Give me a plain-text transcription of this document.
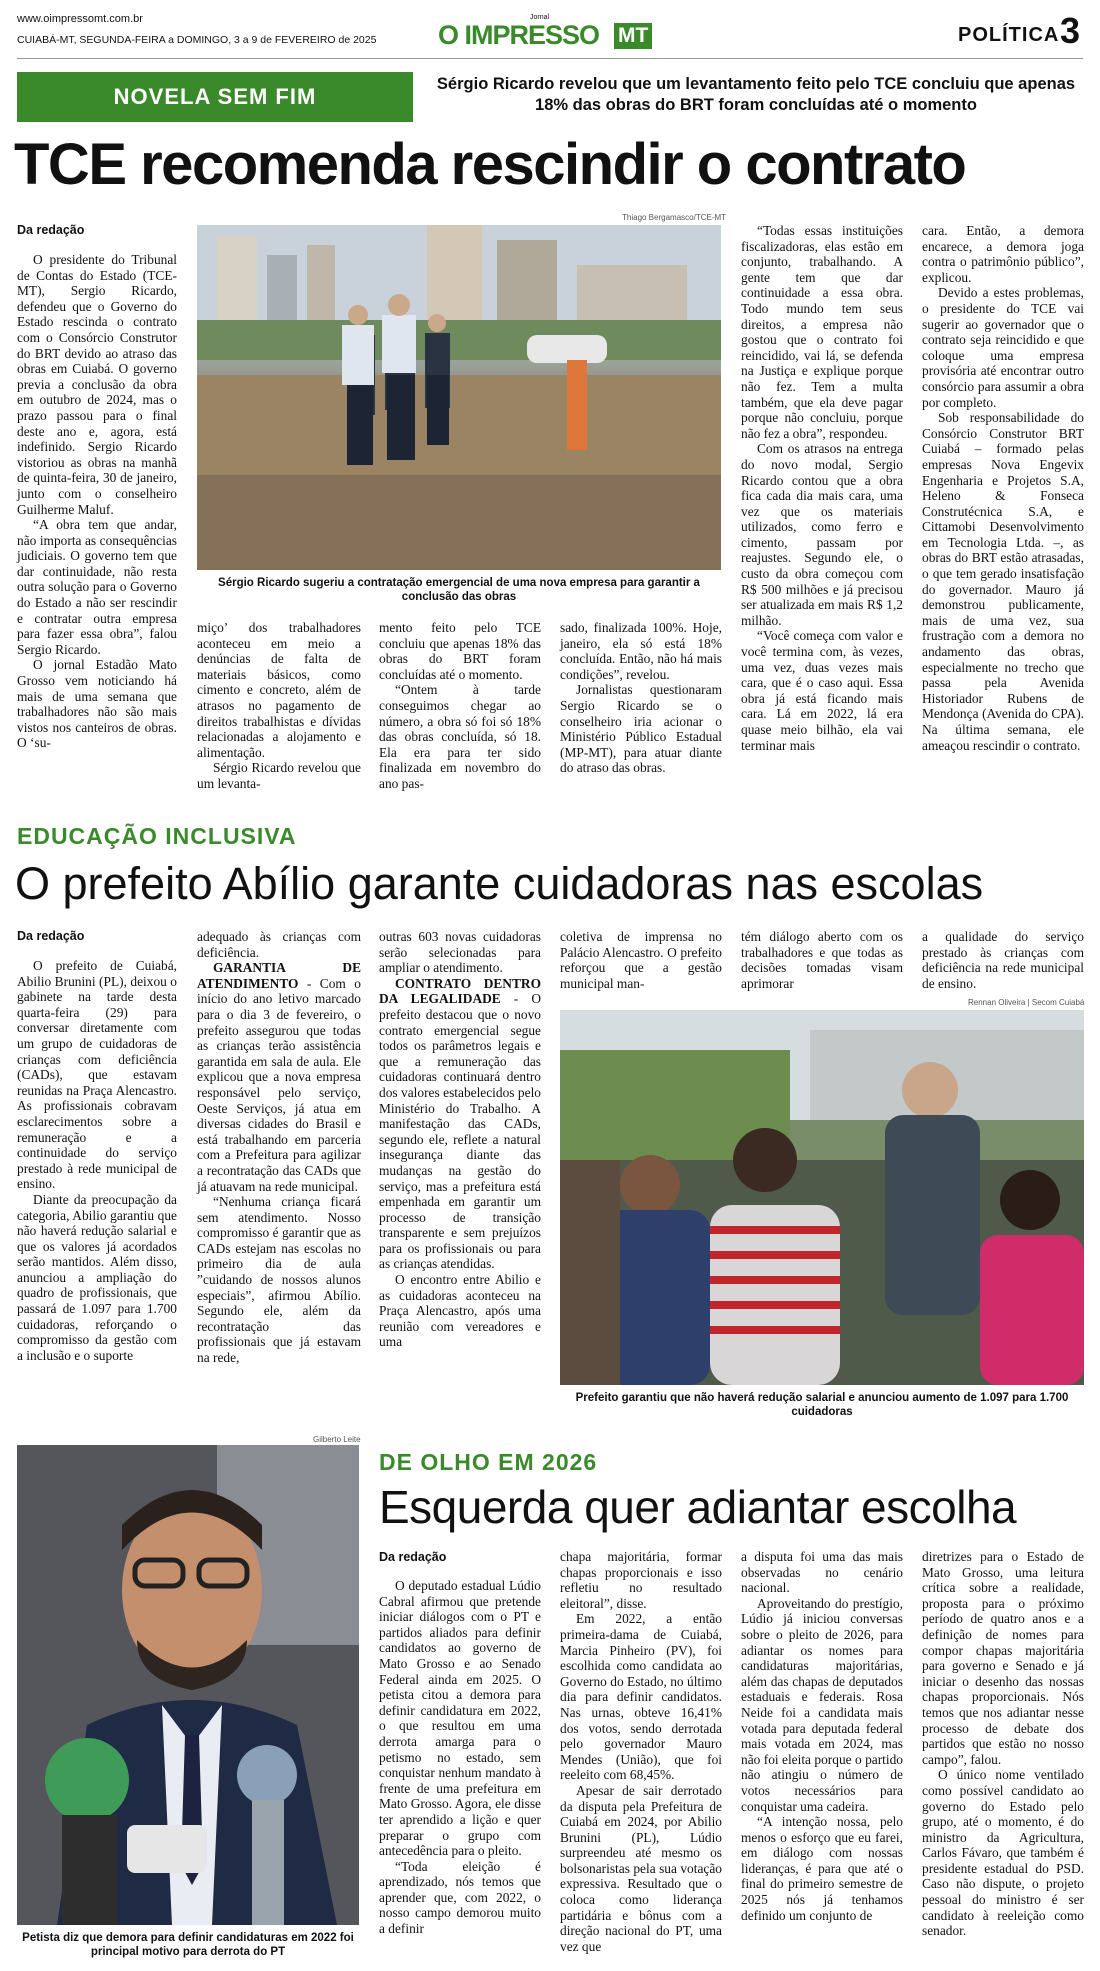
www.oimpressomt.com.br
CUIABÁ-MT, SEGUNDA-FEIRA a DOMINGO, 3 a 9 de FEVEREIRO de 2025
Jornal
O IMPRESSO MT	POLÍTICA 3
NOVELA SEM FIM	Sérgio Ricardo revelou que um levantamento feito pelo TCE concluiu que apenas 18% das obras do BRT foram concluídas até o momento
TCE recomenda rescindir o contrato
Da redação

O presidente do Tribunal de Contas do Estado (TCE-MT), Sergio Ricardo, defendeu que o Governo do Estado rescinda o contrato com o Consórcio Construtor do BRT devido ao atraso das obras em Cuiabá. O governo previa a conclusão da obra em outubro de 2024, mas o prazo passou para o final deste ano e, agora, está indefinido. Sergio Ricardo vistoriou as obras na manhã de quinta-feira, 30 de janeiro, junto com o conselheiro Guilherme Maluf.

“A obra tem que andar, não importa as consequências judiciais. O governo tem que dar continuidade, não resta outra solução para o Governo do Estado a não ser rescindir e contratar outra empresa para fazer essa obra”, falou Sergio Ricardo.

O jornal Estadão Mato Grosso vem noticiando há mais de uma semana que trabalhadores não são mais vistos nos canteiros de obras. O ‘su-

Thiago Bergamasco/TCE-MT
Sérgio Ricardo sugeriu a contratação emergencial de uma nova empresa para garantir a conclusão das obras

miço’ dos trabalhadores aconteceu em meio a denúncias de falta de materiais básicos, como cimento e concreto, além de atrasos no pagamento de direitos trabalhistas e dívidas relacionadas a alojamento e alimentação.

Sérgio Ricardo revelou que um levanta-

mento feito pelo TCE concluiu que apenas 18% das obras do BRT foram concluídas até o momento.

“Ontem à tarde conseguimos chegar ao número, a obra só foi só 18% das obras concluída, só 18. Ela era para ter sido finalizada em novembro do ano pas-

sado, finalizada 100%. Hoje, janeiro, ela só está 18% concluída. Então, não há mais condições”, revelou.

Jornalistas questionaram Sergio Ricardo se o conselheiro iria acionar o Ministério Público Estadual (MP-MT), para atuar diante do atraso das obras.

“Todas essas instituições fiscalizadoras, elas estão em conjunto, trabalhando. A gente tem que dar continuidade a essa obra. Todo mundo tem seus direitos, a empresa não gostou que o contrato foi reincidido, vai lá, se defenda na Justiça e explique porque não fez. Tem a multa também, que ela deve pagar porque não concluiu, porque não fez a obra”, respondeu.

Com os atrasos na entrega do novo modal, Sergio Ricardo contou que a obra fica cada dia mais cara, uma vez que os materiais utilizados, como ferro e cimento, passam por reajustes. Segundo ele, o custo da obra começou com R$ 500 milhões e já precisou ser atualizada em mais R$ 1,2 milhão.

“Você começa com valor e você termina com, às vezes, uma vez, duas vezes mais cara, que é o caso aqui. Essa obra já está ficando mais cara. Lá em 2022, lá era quase meio bilhão, ela vai terminar mais

cara. Então, a demora encarece, a demora joga contra o patrimônio público”, explicou.

Devido a estes problemas, o presidente do TCE vai sugerir ao governador que o contrato seja reincidido e que coloque uma empresa provisória até encontrar outro consórcio para assumir a obra por completo.

Sob responsabilidade do Consórcio Construtor BRT Cuiabá – formado pelas empresas Nova Engevix Engenharia e Projetos S.A, Heleno & Fonseca Construtécnica S.A, e Cittamobi Desenvolvimento em Tecnologia Ltda. –, as obras do BRT estão atrasadas, o que tem gerado insatisfação do governador. Mauro já demonstrou publicamente, mais de uma vez, sua frustração com a demora no andamento das obras, especialmente no trecho que passa pela Avenida Historiador Rubens de Mendonça (Avenida do CPA). Na última semana, ele ameaçou rescindir o contrato.

EDUCAÇÃO INCLUSIVA
O prefeito Abílio garante cuidadoras nas escolas
Da redação

O prefeito de Cuiabá, Abilio Brunini (PL), deixou o gabinete na tarde desta quarta-feira (29) para conversar diretamente com um grupo de cuidadoras de crianças com deficiência (CADs), que estavam reunidas na Praça Alencastro. As profissionais cobravam esclarecimentos sobre a remuneração e a continuidade do serviço prestado à rede municipal de ensino.

Diante da preocupação da categoria, Abilio garantiu que não haverá redução salarial e que os valores já acordados serão mantidos. Além disso, anunciou a ampliação do quadro de profissionais, que passará de 1.097 para 1.700 cuidadoras, reforçando o compromisso da gestão com a inclusão e o suporte

adequado às crianças com deficiência.

GARANTIA DE ATENDIMENTO - Com o início do ano letivo marcado para o dia 3 de fevereiro, o prefeito assegurou que todas as crianças terão assistência garantida em sala de aula. Ele explicou que a nova empresa responsável pelo serviço, Oeste Serviços, já atua em diversas cidades do Brasil e está trabalhando em parceria com a Prefeitura para agilizar a recontratação das CADs que já atuavam na rede municipal.

“Nenhuma criança ficará sem atendimento. Nosso compromisso é garantir que as CADs estejam nas escolas no primeiro dia de aula ”cuidando de nossos alunos especiais”, afirmou Abílio. Segundo ele, além da recontratação das profissionais que já estavam na rede,

outras 603 novas cuidadoras serão selecionadas para ampliar o atendimento.

CONTRATO DENTRO DA LEGALIDADE - O prefeito destacou que o novo contrato emergencial segue todos os parâmetros legais e que a remuneração das cuidadoras continuará dentro dos valores estabelecidos pelo Ministério do Trabalho. A manifestação das CADs, segundo ele, reflete a natural insegurança diante das mudanças na gestão do serviço, mas a prefeitura está empenhada em garantir um processo de transição transparente e sem prejuízos para os profissionais ou para as crianças atendidas.

O encontro entre Abilio e as cuidadoras aconteceu na Praça Alencastro, após uma reunião com vereadores e uma

coletiva de imprensa no Palácio Alencastro. O prefeito reforçou que a gestão municipal man-

tém diálogo aberto com os trabalhadores e que todas as decisões tomadas visam aprimorar

a qualidade do serviço prestado às crianças com deficiência na rede municipal de ensino.

Rennan Oliveira | Secom Cuiabá
Prefeito garantiu que não haverá redução salarial e anunciou aumento de 1.097 para 1.700 cuidadoras
Gilberto Leite
Petista diz que demora para definir candidaturas em 2022 foi principal motivo para derrota do PT
DE OLHO EM 2026
Esquerda quer adiantar escolha
Da redação

O deputado estadual Lúdio Cabral afirmou que pretende iniciar diálogos com o PT e partidos aliados para definir candidatos ao governo de Mato Grosso e ao Senado Federal ainda em 2025. O petista citou a demora para definir candidatura em 2022, o que resultou em uma derrota amarga para o petismo no estado, sem conquistar nenhum mandato à frente de uma prefeitura em Mato Grosso. Agora, ele disse ter aprendido a lição e quer preparar o grupo com antecedência para o pleito.

“Toda eleição é aprendizado, nós temos que aprender que, com 2022, o nosso campo demorou muito a definir

chapa majoritária, formar chapas proporcionais e isso refletiu no resultado eleitoral”, disse.

Em 2022, a então primeira-dama de Cuiabá, Marcia Pinheiro (PV), foi escolhida como candidata ao Governo do Estado, no último dia para definir candidatos. Nas urnas, obteve 16,41% dos votos, sendo derrotada pelo governador Mauro Mendes (União), que foi reeleito com 68,45%.

Apesar de sair derrotado da disputa pela Prefeitura de Cuiabá em 2024, por Abilio Brunini (PL), Lúdio surpreendeu até mesmo os bolsonaristas pela sua votação expressiva. Resultado que o coloca como liderança partidária e bônus com a direção nacional do PT, uma vez que

a disputa foi uma das mais observadas no cenário nacional.

Aproveitando do prestígio, Lúdio já iniciou conversas sobre o pleito de 2026, para adiantar os nomes para candidaturas majoritárias, além das chapas de deputados estaduais e federais. Rosa Neide foi a candidata mais votada para deputada federal mais votada em 2024, mas não foi eleita porque o partido não atingiu o número de votos necessários para conquistar uma cadeira.

“A intenção nossa, pelo menos o esforço que eu farei, em diálogo com nossas lideranças, é para que até o final do primeiro semestre de 2025 nós já tenhamos definido um conjunto de

diretrizes para o Estado de Mato Grosso, uma leitura crítica sobre a realidade, proposta para o próximo período de quatro anos e a definição de nomes para compor chapas majoritária para governo e Senado e já iniciar o desenho das nossas chapas proporcionais. Nós temos que nos adiantar nesse processo de debate dos partidos que estão no nosso campo”, falou.

O único nome ventilado como possível candidato ao governo do Estado pelo grupo, até o momento, é do ministro da Agricultura, Carlos Fávaro, que também é presidente estadual do PSD. Caso não dispute, o projeto pessoal do ministro é ser candidato à reeleição como senador.
